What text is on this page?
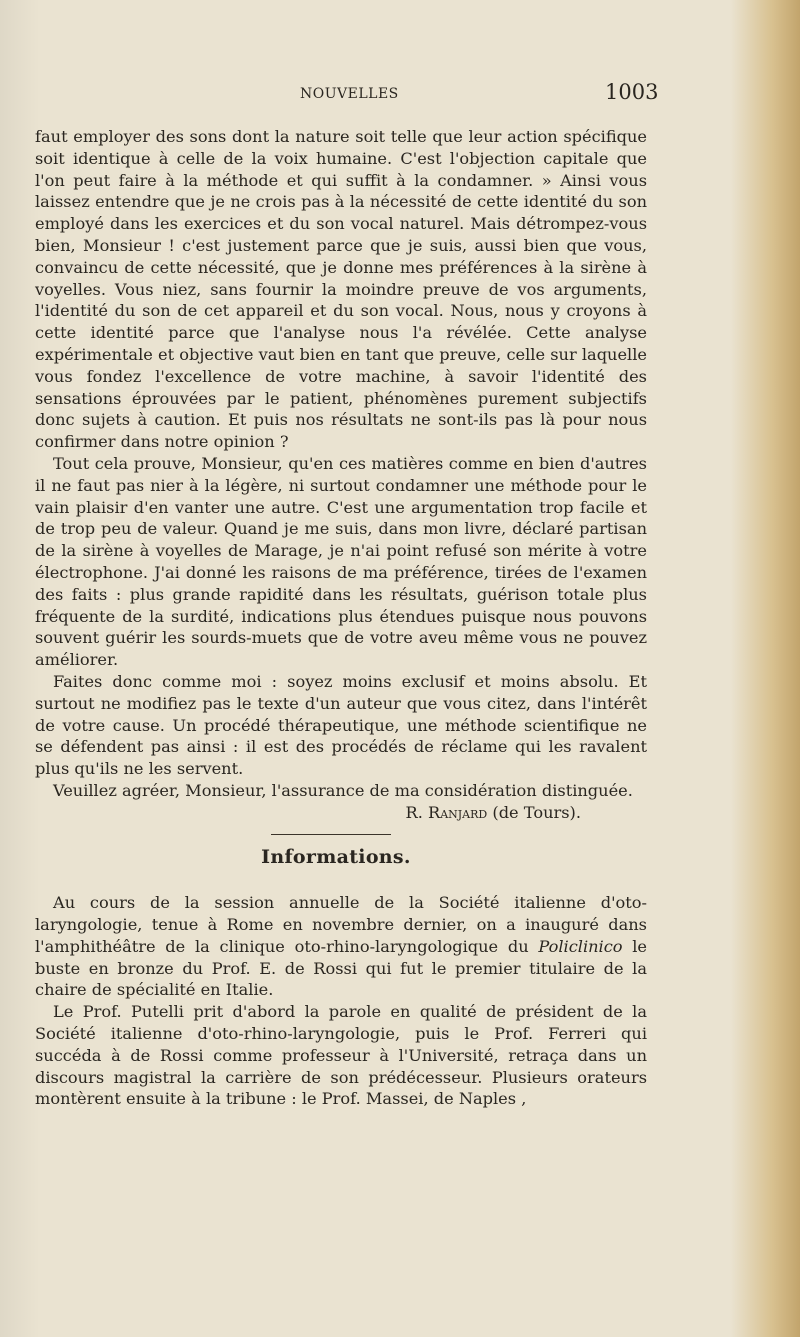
NOUVELLES	1003

faut employer des sons dont la nature soit telle que leur action spécifique soit identique à celle de la voix humaine. C'est l'objection capitale que l'on peut faire à la méthode et qui suffit à la condamner. » Ainsi vous laissez entendre que je ne crois pas à la nécessité de cette identité du son employé dans les exercices et du son vocal naturel. Mais détrompez-vous bien, Monsieur ! c'est justement parce que je suis, aussi bien que vous, convaincu de cette nécessité, que je donne mes préférences à la sirène à voyelles. Vous niez, sans fournir la moindre preuve de vos arguments, l'identité du son de cet appareil et du son vocal. Nous, nous y croyons à cette identité parce que l'analyse nous l'a révélée. Cette analyse expérimentale et objective vaut bien en tant que preuve, celle sur laquelle vous fondez l'excellence de votre machine, à savoir l'identité des sensations éprouvées par le patient, phénomènes purement subjectifs donc sujets à caution. Et puis nos résultats ne sont-ils pas là pour nous confirmer dans notre opinion ?

Tout cela prouve, Monsieur, qu'en ces matières comme en bien d'autres il ne faut pas nier à la légère, ni surtout condamner une méthode pour le vain plaisir d'en vanter une autre. C'est une argumentation trop facile et de trop peu de valeur. Quand je me suis, dans mon livre, déclaré partisan de la sirène à voyelles de Marage, je n'ai point refusé son mérite à votre électrophone. J'ai donné les raisons de ma préférence, tirées de l'examen des faits : plus grande rapidité dans les résultats, guérison totale plus fréquente de la surdité, indications plus étendues puisque nous pouvons souvent guérir les sourds-muets que de votre aveu même vous ne pouvez améliorer.

Faites donc comme moi : soyez moins exclusif et moins absolu. Et surtout ne modifiez pas le texte d'un auteur que vous citez, dans l'intérêt de votre cause. Un procédé thérapeutique, une méthode scientifique ne se défendent pas ainsi : il est des procédés de réclame qui les ravalent plus qu'ils ne les servent.

Veuillez agréer, Monsieur, l'assurance de ma considération distinguée.

R. Ranjard (de Tours).

Informations.

Au cours de la session annuelle de la Société italienne d'oto-laryngologie, tenue à Rome en novembre dernier, on a inauguré dans l'amphithéâtre de la clinique oto-rhino-laryngologique du Policlinico le buste en bronze du Prof. E. de Rossi qui fut le premier titulaire de la chaire de spécialité en Italie.

Le Prof. Putelli prit d'abord la parole en qualité de président de la Société italienne d'oto-rhino-laryngologie, puis le Prof. Ferreri qui succéda à de Rossi comme professeur à l'Université, retraça dans un discours magistral la carrière de son prédécesseur. Plusieurs orateurs montèrent ensuite à la tribune : le Prof. Massei, de Naples ,
